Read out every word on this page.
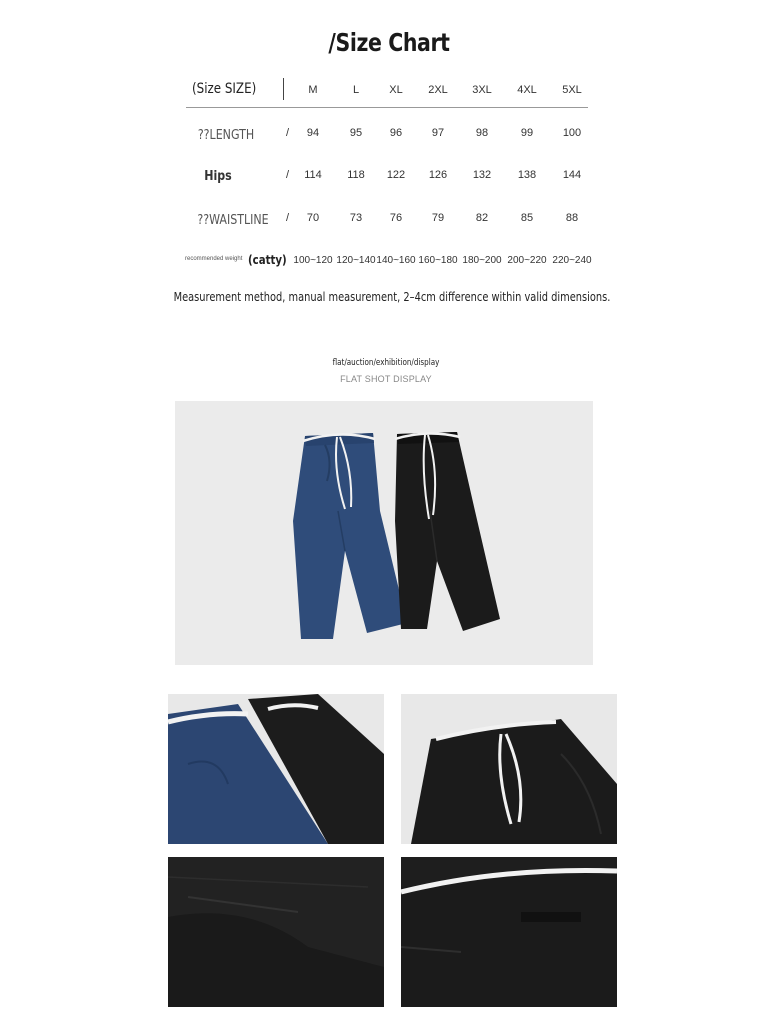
/Size Chart
(Size SIZE)	M	L	XL	2XL	3XL	4XL	5XL
??LENGTH	/	94	95	96	97	98	99	100
Hips	/	114	118	122	126	132	138	144
??WAISTLINE	/	70	73	76	79	82	85	88
recommended weight (catty) 100~120 120~140 140~160 160~180 180~200 200~220 220~240
Measurement method, manual measurement, 2–4cm difference within valid dimensions.
flat/auction/exhibition/display
FLAT SHOT DISPLAY
